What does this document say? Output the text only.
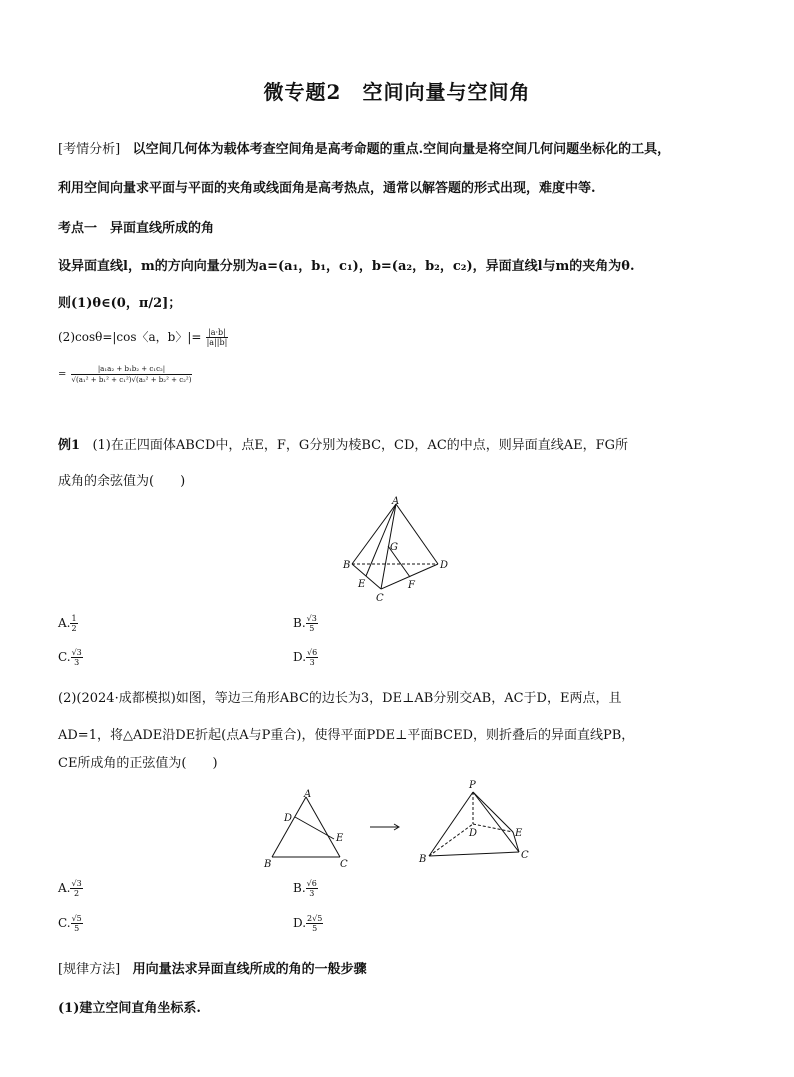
微专题2　空间向量与空间角
[考情分析] 以空间几何体为载体考查空间角是高考命题的重点.空间向量是将空间几何问题坐标化的工具，
利用空间向量求平面与平面的夹角或线面角是高考热点，通常以解答题的形式出现，难度中等.
考点一　异面直线所成的角
设异面直线l，m的方向向量分别为a=(a₁，b₁，c₁)，b=(a₂，b₂，c₂)，异面直线l与m的夹角为θ.
则(1)θ∈(0，π/2]；
(2)cosθ=|cos〈a，b〉|= $\frac{|a\cdot b|}{|a||b|}$
= $\frac{\text{|a₁a₂ + b₁b₂ + c₁c₂|}}{\text{√(a₁² + b₁² + c₁²)√(a₂² + b₂² + c₂²)}}$
例1 (1)在正四面体ABCD中，点E，F，G分别为棱BC，CD，AC的中点，则异面直线AE，FG所
成角的余弦值为(　　)
A
B
C
D
E	F
G
A. $\frac{1}{2}$	B. $\frac{√3}{5}$
C. $\frac{√3}{3}$	D. $\frac{√6}{3}$
(2)(2024·成都模拟)如图，等边三角形ABC的边长为3，DE⊥AB分别交AB，AC于D，E两点，且
AD=1，将△ADE沿DE折起(点A与P重合)，使得平面PDE⊥平面BCED，则折叠后的异面直线PB，
CE所成角的正弦值为(　　)
A
B	C
D
E
P
B	C
D	E
A. $\frac{√3}{2}$	B. $\frac{√6}{3}$
C. $\frac{√5}{5}$	D. $\frac{2√5}{5}$
[规律方法] 用向量法求异面直线所成的角的一般步骤
(1)建立空间直角坐标系.
